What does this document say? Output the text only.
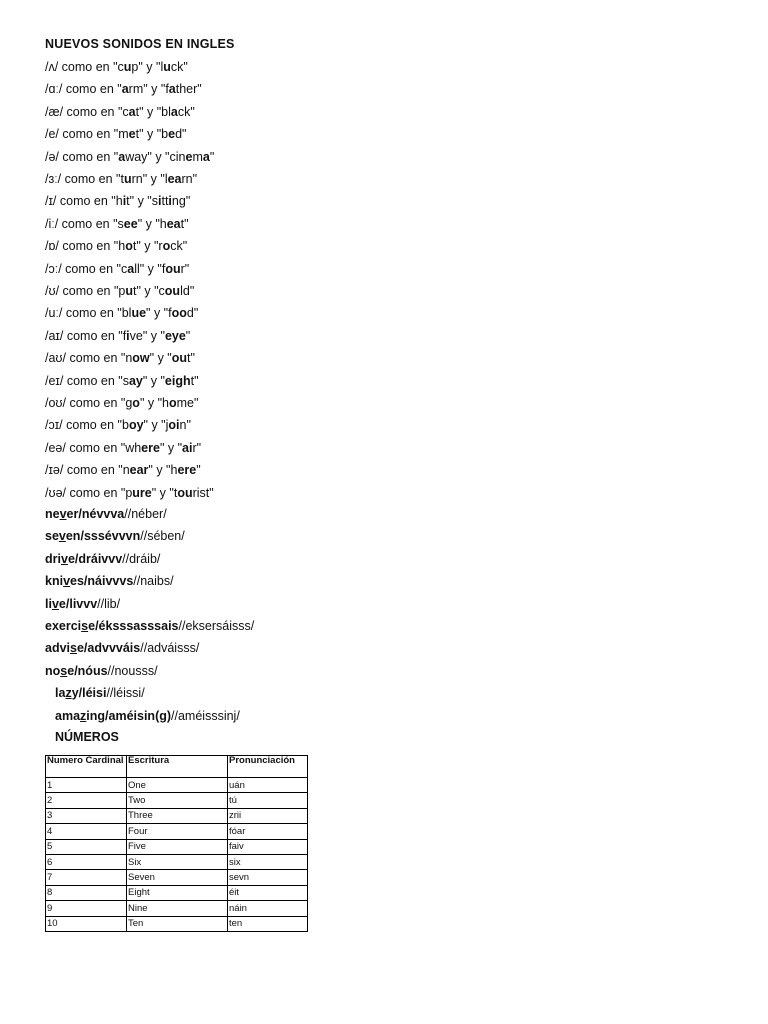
NUEVOS SONIDOS EN INGLES
/ʌ/ como en "cup" y "luck"
/ɑː/ como en "arm" y "father"
/æ/ como en "cat" y "black"
/e/ como en "met" y "bed"
/ə/ como en "away" y "cinema"
/ɜː/ como en "turn" y "learn"
/ɪ/ como en "hit" y "sitting"
/iː/ como en "see" y "heat"
/ɒ/ como en "hot" y "rock"
/ɔː/ como en "call" y "four"
/ʊ/ como en "put" y "could"
/uː/ como en "blue" y "food"
/aɪ/ como en "five" y "eye"
/aʊ/ como en "now" y "out"
/eɪ/ como en "say" y "eight"
/oʊ/ como en "go" y "home"
/ɔɪ/ como en "boy" y "join"
/eə/ como en "where" y "air"
/ɪə/ como en "near" y "here"
/ʊə/ como en "pure" y "tourist"
never/névvva//néber/
seven/sssévvvn//sében/
drive/dráivvv//dráib/
knives/náivvvs//naibs/
live/livvv//lib/
exercise/éksssasssais//eksersáisss/
advise/advvváis//adváisss/
nose/nóus//nousss/
lazy/léisi//léissi/
amazing/améisin(g)//améisssinj/
NÚMEROS
Numero Cardinal	Escritura	Pronunciación
1	One	uán
2	Two	tú
3	Three	zrii
4	Four	fóar
5	Five	faiv
6	Six	six
7	Seven	sevn
8	Eight	éit
9	Nine	náin
10	Ten	ten
